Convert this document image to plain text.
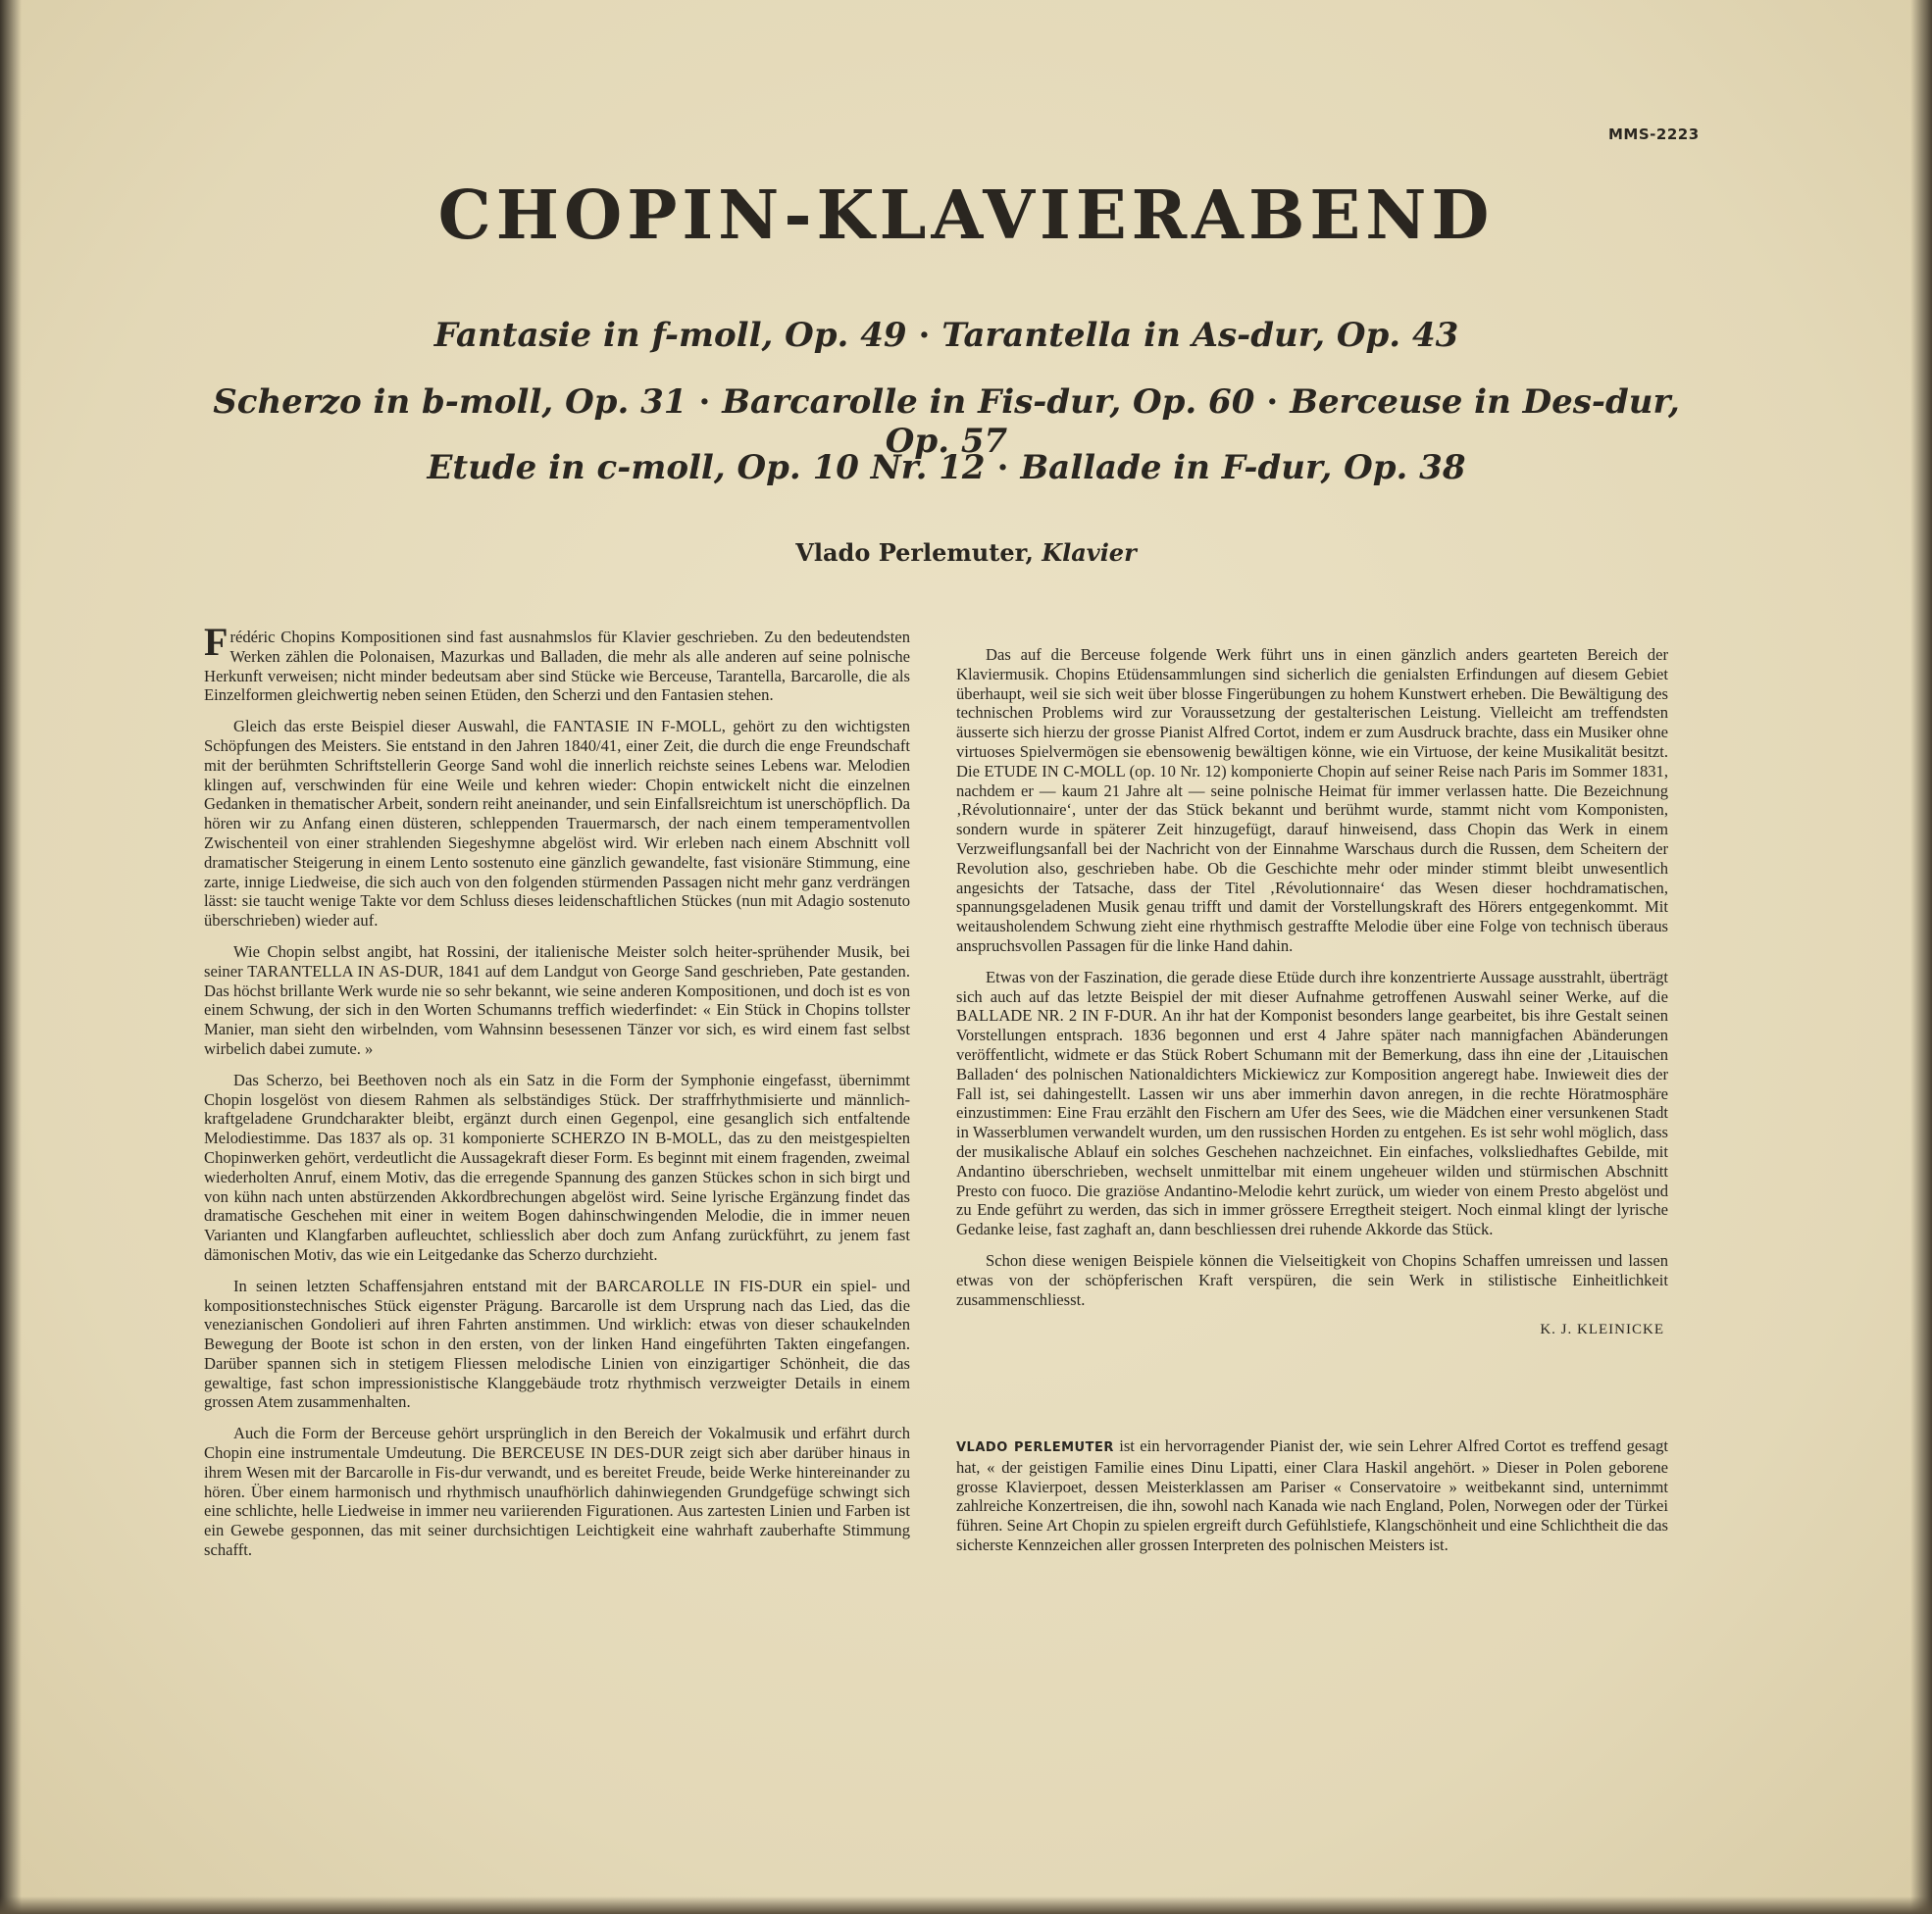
MMS-2223
CHOPIN-KLAVIERABEND
Fantasie in f-moll, Op. 49 · Tarantella in As-dur, Op. 43
Scherzo in b-moll, Op. 31 · Barcarolle in Fis-dur, Op. 60 · Berceuse in Des-dur, Op. 57
Etude in c-moll, Op. 10 Nr. 12 · Ballade in F-dur, Op. 38
Vlado Perlemuter, Klavier

Frédéric Chopins Kompositionen sind fast ausnahmslos für Klavier geschrieben. Zu den bedeutendsten Werken zählen die Polonaisen, Mazurkas und Balladen, die mehr als alle anderen auf seine polnische Herkunft verweisen; nicht minder bedeutsam aber sind Stücke wie Berceuse, Tarantella, Barcarolle, die als Einzelformen gleichwertig neben seinen Etüden, den Scherzi und den Fantasien stehen.

Gleich das erste Beispiel dieser Auswahl, die FANTASIE IN F-MOLL, gehört zu den wichtigsten Schöpfungen des Meisters. Sie entstand in den Jahren 1840/41, einer Zeit, die durch die enge Freundschaft mit der berühmten Schriftstellerin George Sand wohl die innerlich reichste seines Lebens war. Melodien klingen auf, verschwinden für eine Weile und kehren wieder: Chopin entwickelt nicht die einzelnen Gedanken in thematischer Arbeit, sondern reiht aneinander, und sein Einfallsreichtum ist unerschöpflich. Da hören wir zu Anfang einen düsteren, schleppenden Trauermarsch, der nach einem temperamentvollen Zwischenteil von einer strahlenden Siegeshymne abgelöst wird. Wir erleben nach einem Abschnitt voll dramatischer Steigerung in einem Lento sostenuto eine gänzlich gewandelte, fast visionäre Stimmung, eine zarte, innige Liedweise, die sich auch von den folgenden stürmenden Passagen nicht mehr ganz verdrängen lässt: sie taucht wenige Takte vor dem Schluss dieses leidenschaftlichen Stückes (nun mit Adagio sostenuto überschrieben) wieder auf.

Wie Chopin selbst angibt, hat Rossini, der italienische Meister solch heiter-sprühender Musik, bei seiner TARANTELLA IN AS-DUR, 1841 auf dem Landgut von George Sand geschrieben, Pate gestanden. Das höchst brillante Werk wurde nie so sehr bekannt, wie seine anderen Kompositionen, und doch ist es von einem Schwung, der sich in den Worten Schumanns treffich wiederfindet: « Ein Stück in Chopins tollster Manier, man sieht den wirbelnden, vom Wahnsinn besessenen Tänzer vor sich, es wird einem fast selbst wirbelich dabei zumute. »

Das Scherzo, bei Beethoven noch als ein Satz in die Form der Symphonie eingefasst, übernimmt Chopin losgelöst von diesem Rahmen als selbständiges Stück. Der straffrhythmisierte und männlich-kraftgeladene Grundcharakter bleibt, ergänzt durch einen Gegenpol, eine gesanglich sich entfaltende Melodiestimme. Das 1837 als op. 31 komponierte SCHERZO IN B-MOLL, das zu den meistgespielten Chopinwerken gehört, verdeutlicht die Aussagekraft dieser Form. Es beginnt mit einem fragenden, zweimal wiederholten Anruf, einem Motiv, das die erregende Spannung des ganzen Stückes schon in sich birgt und von kühn nach unten abstürzenden Akkordbrechungen abgelöst wird. Seine lyrische Ergänzung findet das dramatische Geschehen mit einer in weitem Bogen dahinschwingenden Melodie, die in immer neuen Varianten und Klangfarben aufleuchtet, schliesslich aber doch zum Anfang zurückführt, zu jenem fast dämonischen Motiv, das wie ein Leitgedanke das Scherzo durchzieht.

In seinen letzten Schaffensjahren entstand mit der BARCAROLLE IN FIS-DUR ein spiel- und kompositionstechnisches Stück eigenster Prägung. Barcarolle ist dem Ursprung nach das Lied, das die venezianischen Gondolieri auf ihren Fahrten anstimmen. Und wirklich: etwas von dieser schaukelnden Bewegung der Boote ist schon in den ersten, von der linken Hand eingeführten Takten eingefangen. Darüber spannen sich in stetigem Fliessen melodische Linien von einzigartiger Schönheit, die das gewaltige, fast schon impressionistische Klanggebäude trotz rhythmisch verzweigter Details in einem grossen Atem zusammenhalten.

Auch die Form der Berceuse gehört ursprünglich in den Bereich der Vokalmusik und erfährt durch Chopin eine instrumentale Umdeutung. Die BERCEUSE IN DES-DUR zeigt sich aber darüber hinaus in ihrem Wesen mit der Barcarolle in Fis-dur verwandt, und es bereitet Freude, beide Werke hintereinander zu hören. Über einem harmonisch und rhythmisch unaufhörlich dahinwiegenden Grundgefüge schwingt sich eine schlichte, helle Liedweise in immer neu variierenden Figurationen. Aus zartesten Linien und Farben ist ein Gewebe gesponnen, das mit seiner durchsichtigen Leichtigkeit eine wahrhaft zauberhafte Stimmung schafft.

Das auf die Berceuse folgende Werk führt uns in einen gänzlich anders gearteten Bereich der Klaviermusik. Chopins Etüdensammlungen sind sicherlich die genialsten Erfindungen auf diesem Gebiet überhaupt, weil sie sich weit über blosse Fingerübungen zu hohem Kunstwert erheben. Die Bewältigung des technischen Problems wird zur Voraussetzung der gestalterischen Leistung. Vielleicht am treffendsten äusserte sich hierzu der grosse Pianist Alfred Cortot, indem er zum Ausdruck brachte, dass ein Musiker ohne virtuoses Spielvermögen sie ebensowenig bewältigen könne, wie ein Virtuose, der keine Musikalität besitzt. Die ETUDE IN C-MOLL (op. 10 Nr. 12) komponierte Chopin auf seiner Reise nach Paris im Sommer 1831, nachdem er — kaum 21 Jahre alt — seine polnische Heimat für immer verlassen hatte. Die Bezeichnung ‚Révolutionnaire‘, unter der das Stück bekannt und berühmt wurde, stammt nicht vom Komponisten, sondern wurde in späterer Zeit hinzugefügt, darauf hinweisend, dass Chopin das Werk in einem Verzweiflungsanfall bei der Nachricht von der Einnahme Warschaus durch die Russen, dem Scheitern der Revolution also, geschrieben habe. Ob die Geschichte mehr oder minder stimmt bleibt unwesentlich angesichts der Tatsache, dass der Titel ‚Révolutionnaire‘ das Wesen dieser hochdramatischen, spannungsgeladenen Musik genau trifft und damit der Vorstellungskraft des Hörers entgegenkommt. Mit weitausholendem Schwung zieht eine rhythmisch gestraffte Melodie über eine Folge von technisch überaus anspruchsvollen Passagen für die linke Hand dahin.

Etwas von der Faszination, die gerade diese Etüde durch ihre konzentrierte Aussage ausstrahlt, überträgt sich auch auf das letzte Beispiel der mit dieser Aufnahme getroffenen Auswahl seiner Werke, auf die BALLADE NR. 2 IN F-DUR. An ihr hat der Komponist besonders lange gearbeitet, bis ihre Gestalt seinen Vorstellungen entsprach. 1836 begonnen und erst 4 Jahre später nach mannigfachen Abänderungen veröffentlicht, widmete er das Stück Robert Schumann mit der Bemerkung, dass ihn eine der ‚Litauischen Balladen‘ des polnischen Nationaldichters Mickiewicz zur Komposition angeregt habe. Inwieweit dies der Fall ist, sei dahingestellt. Lassen wir uns aber immerhin davon anregen, in die rechte Höratmosphäre einzustimmen: Eine Frau erzählt den Fischern am Ufer des Sees, wie die Mädchen einer versunkenen Stadt in Wasserblumen verwandelt wurden, um den russischen Horden zu entgehen. Es ist sehr wohl möglich, dass der musikalische Ablauf ein solches Geschehen nachzeichnet. Ein einfaches, volksliedhaftes Gebilde, mit Andantino überschrieben, wechselt unmittelbar mit einem ungeheuer wilden und stürmischen Abschnitt Presto con fuoco. Die graziöse Andantino-Melodie kehrt zurück, um wieder von einem Presto abgelöst und zu Ende geführt zu werden, das sich in immer grössere Erregtheit steigert. Noch einmal klingt der lyrische Gedanke leise, fast zaghaft an, dann beschliessen drei ruhende Akkorde das Stück.

Schon diese wenigen Beispiele können die Vielseitigkeit von Chopins Schaffen umreissen und lassen etwas von der schöpferischen Kraft verspüren, die sein Werk in stilistische Einheitlichkeit zusammenschliesst.

K. J. KLEINICKE

VLADO PERLEMUTER ist ein hervorragender Pianist der, wie sein Lehrer Alfred Cortot es treffend gesagt hat, « der geistigen Familie eines Dinu Lipatti, einer Clara Haskil angehört. » Dieser in Polen geborene grosse Klavierpoet, dessen Meisterklassen am Pariser « Conservatoire » weitbekannt sind, unternimmt zahlreiche Konzertreisen, die ihn, sowohl nach Kanada wie nach England, Polen, Norwegen oder der Türkei führen. Seine Art Chopin zu spielen ergreift durch Gefühlstiefe, Klangschönheit und eine Schlichtheit die das sicherste Kennzeichen aller grossen Interpreten des polnischen Meisters ist.
